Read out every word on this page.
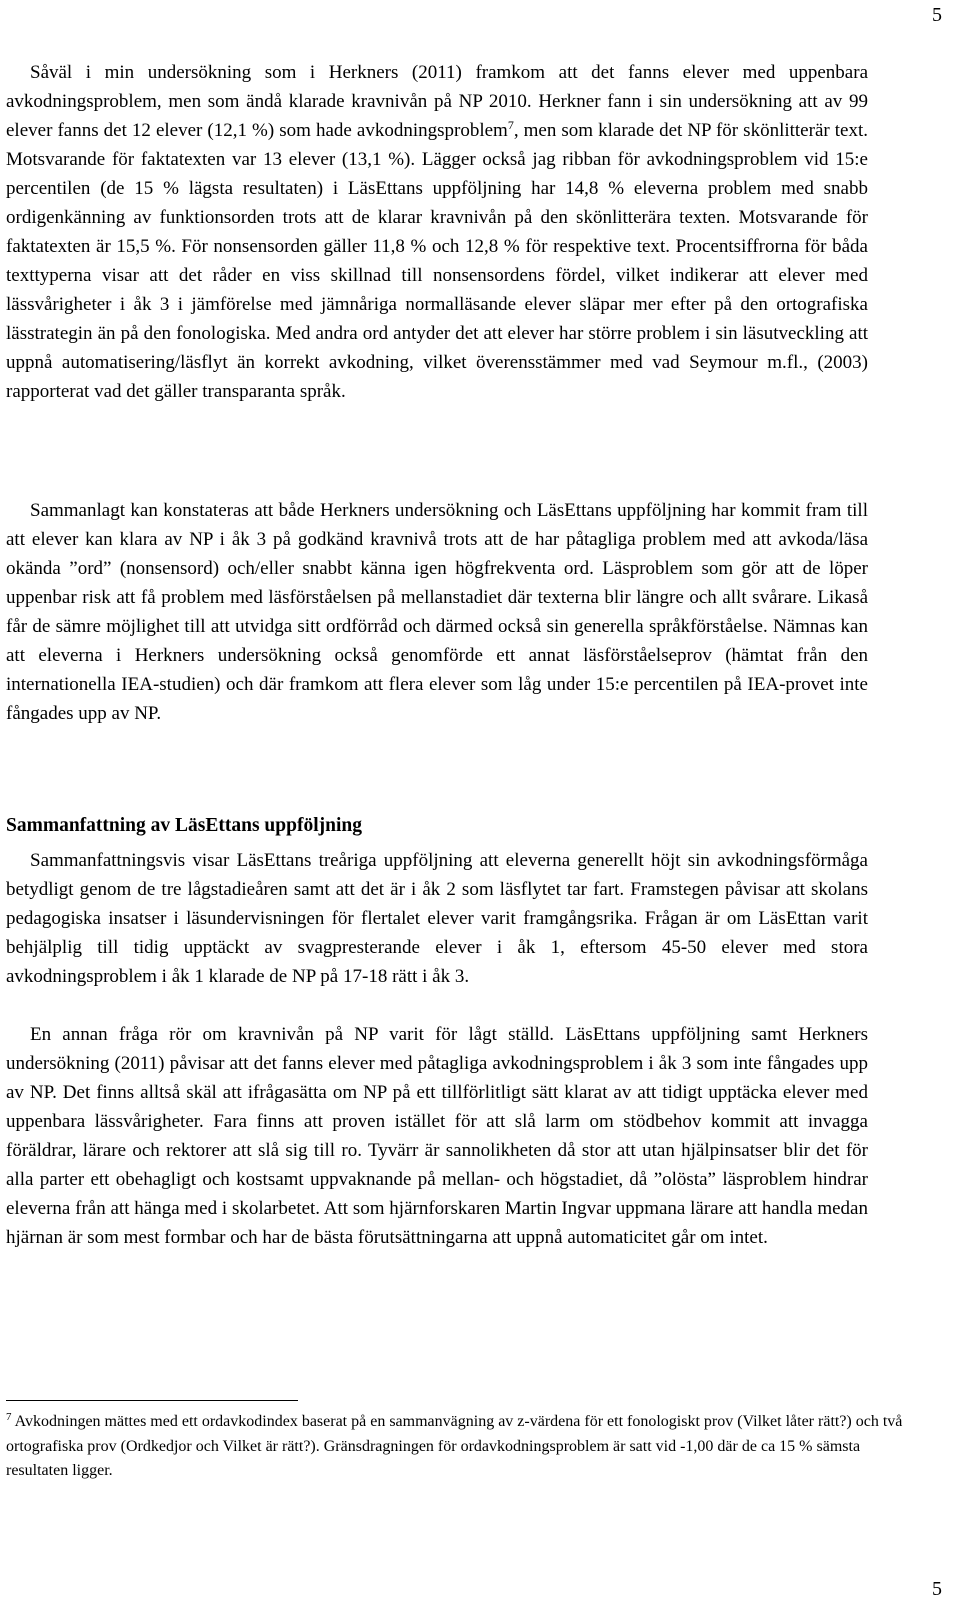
5

Såväl i min undersökning som i Herkners (2011) framkom att det fanns elever med uppenbara avkodningsproblem, men som ändå klarade kravnivån på NP 2010. Herkner fann i sin undersökning att av 99 elever fanns det 12 elever (12,1 %) som hade avkodningsproblem$^7$, men som klarade det NP för skönlitterär text. Motsvarande för faktatexten var 13 elever (13,1 %). Lägger också jag ribban för avkodningsproblem vid 15:e percentilen (de 15 % lägsta resultaten) i LäsEttans uppföljning har 14,8 % eleverna problem med snabb ordigenkänning av funktionsorden trots att de klarar kravnivån på den skönlitterära texten. Motsvarande för faktatexten är 15,5 %. För nonsensorden gäller 11,8 % och 12,8 % för respektive text. Procentsiffrorna för båda texttyperna visar att det råder en viss skillnad till nonsensordens fördel, vilket indikerar att elever med lässvårigheter i åk 3 i jämförelse med jämnåriga normalläsande elever släpar mer efter på den ortografiska lässtrategin än på den fonologiska. Med andra ord antyder det att elever har större problem i sin läsutveckling att uppnå automatisering/läsflyt än korrekt avkodning, vilket överensstämmer med vad Seymour m.fl., (2003) rapporterat vad det gäller transparanta språk.

Sammanlagt kan konstateras att både Herkners undersökning och LäsEttans uppföljning har kommit fram till att elever kan klara av NP i åk 3 på godkänd kravnivå trots att de har påtagliga problem med att avkoda/läsa okända ”ord” (nonsensord) och/eller snabbt känna igen högfrekventa ord. Läsproblem som gör att de löper uppenbar risk att få problem med läsförståelsen på mellanstadiet där texterna blir längre och allt svårare. Likaså får de sämre möjlighet till att utvidga sitt ordförråd och därmed också sin generella språkförståelse. Nämnas kan att eleverna i Herkners undersökning också genomförde ett annat läsförståelseprov (hämtat från den internationella IEA-studien) och där framkom att flera elever som låg under 15:e percentilen på IEA-provet inte fångades upp av NP.

Sammanfattning av LäsEttans uppföljning

Sammanfattningsvis visar LäsEttans treåriga uppföljning att eleverna generellt höjt sin avkodningsförmåga betydligt genom de tre lågstadieåren samt att det är i åk 2 som läsflytet tar fart. Framstegen påvisar att skolans pedagogiska insatser i läsundervisningen för flertalet elever varit framgångsrika. Frågan är om LäsEttan varit behjälplig till tidig upptäckt av svagpresterande elever i åk 1, eftersom 45-50 elever med stora avkodningsproblem i åk 1 klarade de NP på 17-18 rätt i åk 3.

En annan fråga rör om kravnivån på NP varit för lågt ställd. LäsEttans uppföljning samt Herkners undersökning (2011) påvisar att det fanns elever med påtagliga avkodningsproblem i åk 3 som inte fångades upp av NP. Det finns alltså skäl att ifrågasätta om NP på ett tillförlitligt sätt klarat av att tidigt upptäcka elever med uppenbara lässvårigheter. Fara finns att proven istället för att slå larm om stödbehov kommit att invagga föräldrar, lärare och rektorer att slå sig till ro. Tyvärr är sannolikheten då stor att utan hjälpinsatser blir det för alla parter ett obehagligt och kostsamt uppvaknande på mellan- och högstadiet, då ”olösta” läsproblem hindrar eleverna från att hänga med i skolarbetet. Att som hjärnforskaren Martin Ingvar uppmana lärare att handla medan hjärnan är som mest formbar och har de bästa förutsättningarna att uppnå automaticitet går om intet.

$^7$ Avkodningen mättes med ett ordavkodindex baserat på en sammanvägning av z-värdena för ett fonologiskt prov (Vilket låter rätt?) och två ortografiska prov (Ordkedjor och Vilket är rätt?). Gränsdragningen för ordavkodningsproblem är satt vid -1,00 där de ca 15 % sämsta resultaten ligger.

5
